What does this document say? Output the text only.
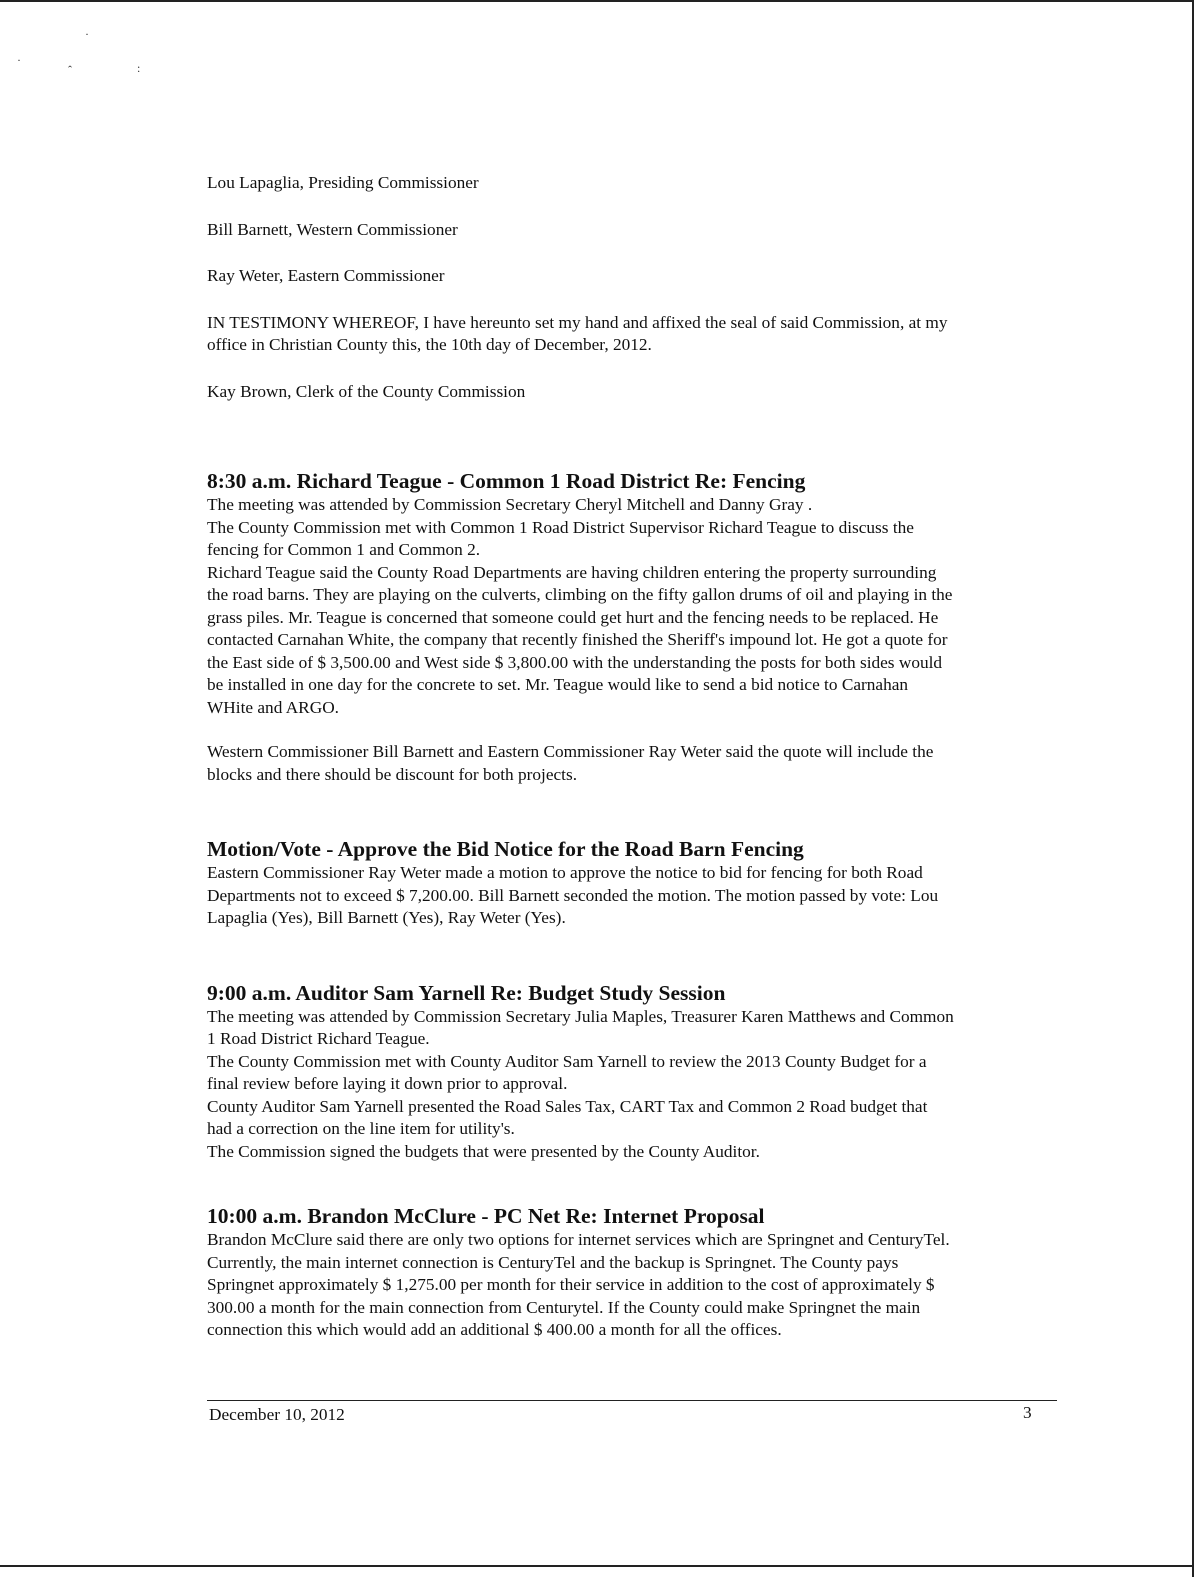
·
·
ˆ	:
Lou Lapaglia, Presiding Commissioner
Bill Barnett, Western Commissioner
Ray Weter, Eastern Commissioner
IN TESTIMONY WHEREOF, I have hereunto set my hand and affixed the seal of said Commission, at my
office in Christian County this, the 10th day of December, 2012.
Kay Brown, Clerk of the County Commission
8:30 a.m. Richard Teague - Common 1 Road District Re: Fencing
The meeting was attended by Commission Secretary Cheryl Mitchell and Danny Gray .
The County Commission met with Common 1 Road District Supervisor Richard Teague to discuss the
fencing for Common 1 and Common 2.
Richard Teague said the County Road Departments are having children entering the property surrounding
the road barns. They are playing on the culverts, climbing on the fifty gallon drums of oil and playing in the
grass piles. Mr. Teague is concerned that someone could get hurt and the fencing needs to be replaced. He
contacted Carnahan White, the company that recently finished the Sheriff's impound lot. He got a quote for
the East side of $ 3,500.00 and West side $ 3,800.00 with the understanding the posts for both sides would
be installed in one day for the concrete to set. Mr. Teague would like to send a bid notice to Carnahan
WHite and ARGO.
Western Commissioner Bill Barnett and Eastern Commissioner Ray Weter said the quote will include the
blocks and there should be discount for both projects.
Motion/Vote - Approve the Bid Notice for the Road Barn Fencing
Eastern Commissioner Ray Weter made a motion to approve the notice to bid for fencing for both Road
Departments not to exceed $ 7,200.00. Bill Barnett seconded the motion. The motion passed by vote: Lou
Lapaglia (Yes), Bill Barnett (Yes), Ray Weter (Yes).
9:00 a.m. Auditor Sam Yarnell Re: Budget Study Session
The meeting was attended by Commission Secretary Julia Maples, Treasurer Karen Matthews and Common
1 Road District Richard Teague.
The County Commission met with County Auditor Sam Yarnell to review the 2013 County Budget for a
final review before laying it down prior to approval.
County Auditor Sam Yarnell presented the Road Sales Tax, CART Tax and Common 2 Road budget that
had a correction on the line item for utility's.
The Commission signed the budgets that were presented by the County Auditor.
10:00 a.m. Brandon McClure - PC Net Re: Internet Proposal
Brandon McClure said there are only two options for internet services which are Springnet and CenturyTel.
Currently, the main internet connection is CenturyTel and the backup is Springnet. The County pays
Springnet approximately $ 1,275.00 per month for their service in addition to the cost of approximately $
300.00 a month for the main connection from Centurytel. If the County could make Springnet the main
connection this which would add an additional $ 400.00 a month for all the offices.
December 10, 2012	3
